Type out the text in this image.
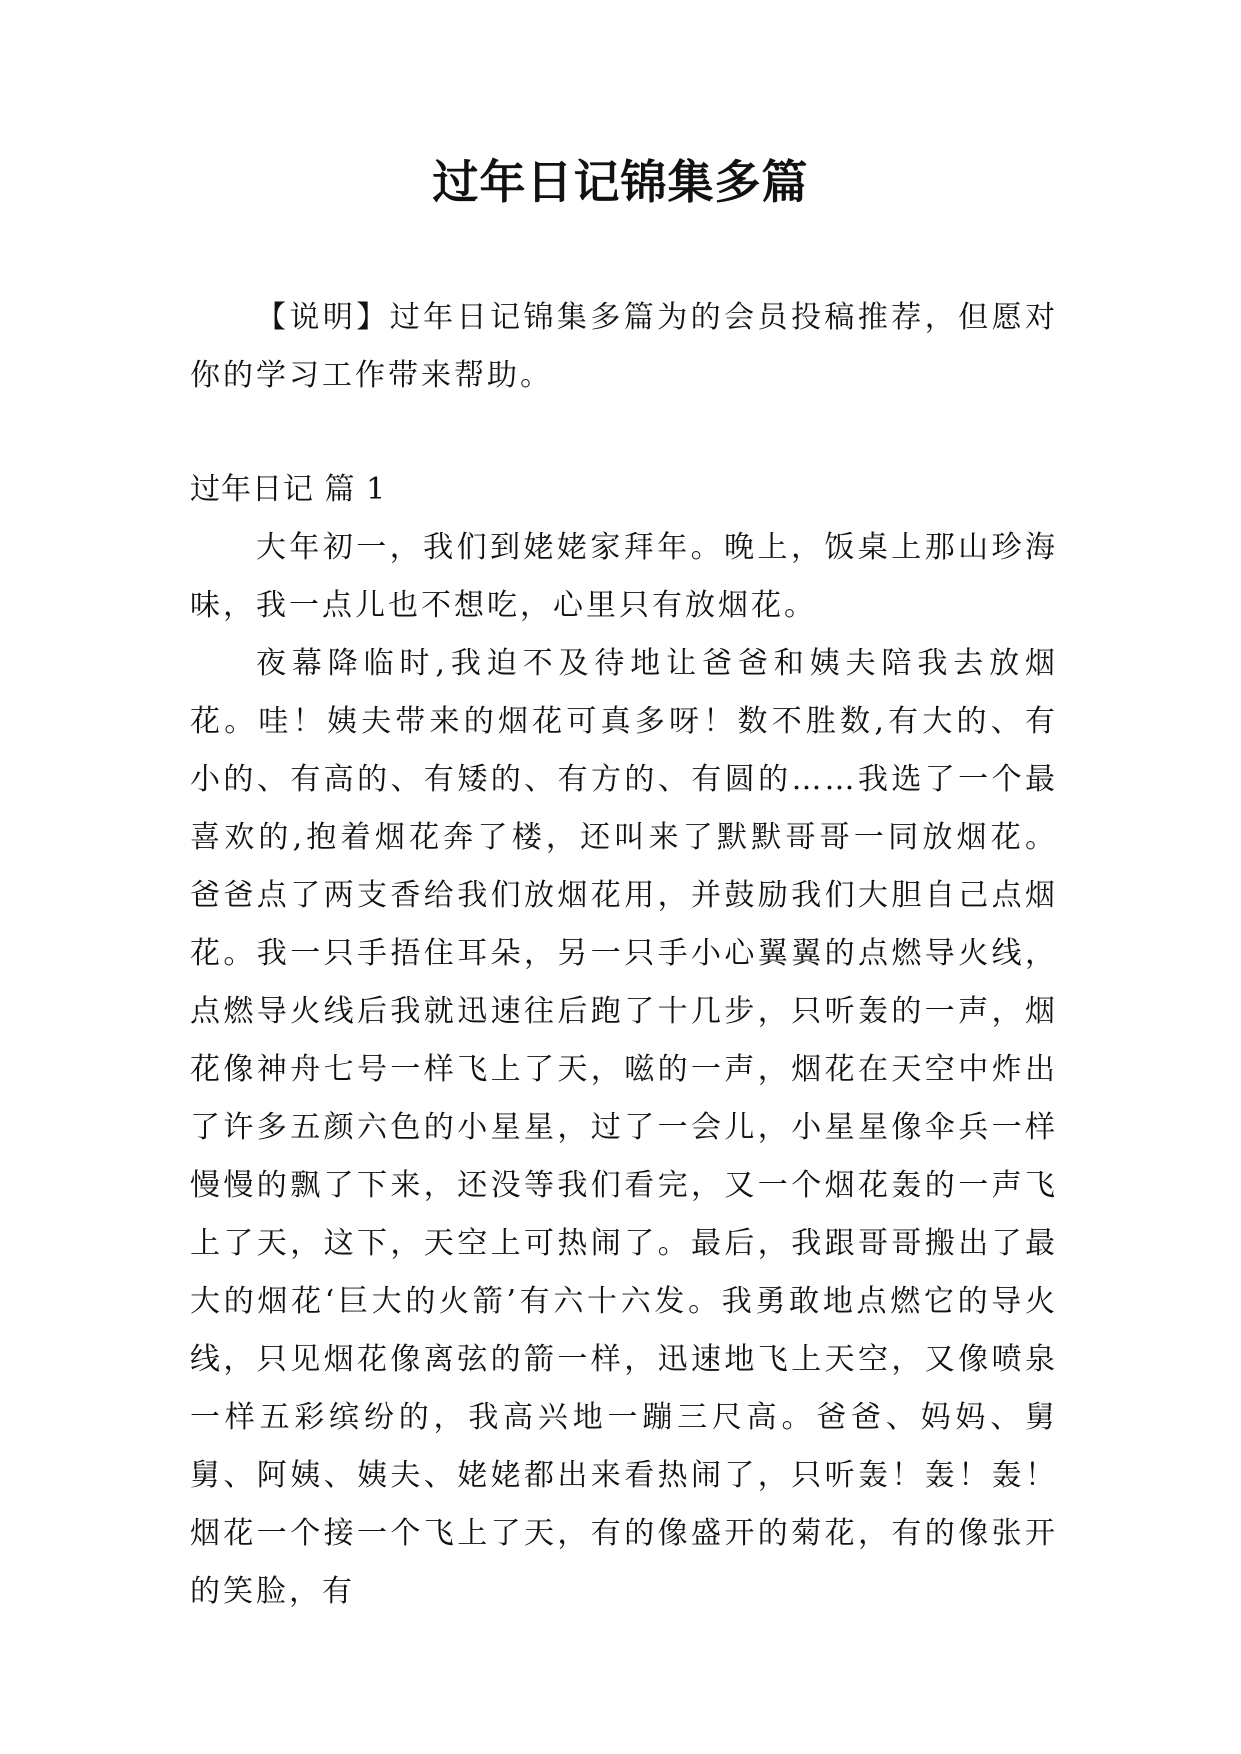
过年日记锦集多篇

【说明】过年日记锦集多篇为的会员投稿推荐，但愿对你的学习工作带来帮助。

过年日记 篇 1

大年初一，我们到姥姥家拜年。晚上，饭桌上那山珍海味，我一点儿也不想吃，心里只有放烟花。

夜幕降临时,我迫不及待地让爸爸和姨夫陪我去放烟花。哇！姨夫带来的烟花可真多呀！数不胜数,有大的、有小的、有高的、有矮的、有方的、有圆的……我选了一个最喜欢的,抱着烟花奔了楼，还叫来了默默哥哥一同放烟花。爸爸点了两支香给我们放烟花用，并鼓励我们大胆自己点烟花。我一只手捂住耳朵，另一只手小心翼翼的点燃导火线，点燃导火线后我就迅速往后跑了十几步，只听轰的一声，烟花像神舟七号一样飞上了天，嗞的一声，烟花在天空中炸出了许多五颜六色的小星星，过了一会儿，小星星像伞兵一样慢慢的飘了下来，还没等我们看完，又一个烟花轰的一声飞上了天，这下，天空上可热闹了。最后，我跟哥哥搬出了最大的烟花‘巨大的火箭’有六十六发。我勇敢地点燃它的导火线，只见烟花像离弦的箭一样，迅速地飞上天空，又像喷泉一样五彩缤纷的，我高兴地一蹦三尺高。爸爸、妈妈、舅舅、阿姨、姨夫、姥姥都出来看热闹了，只听轰！轰！轰！烟花一个接一个飞上了天，有的像盛开的菊花，有的像张开的笑脸，有
